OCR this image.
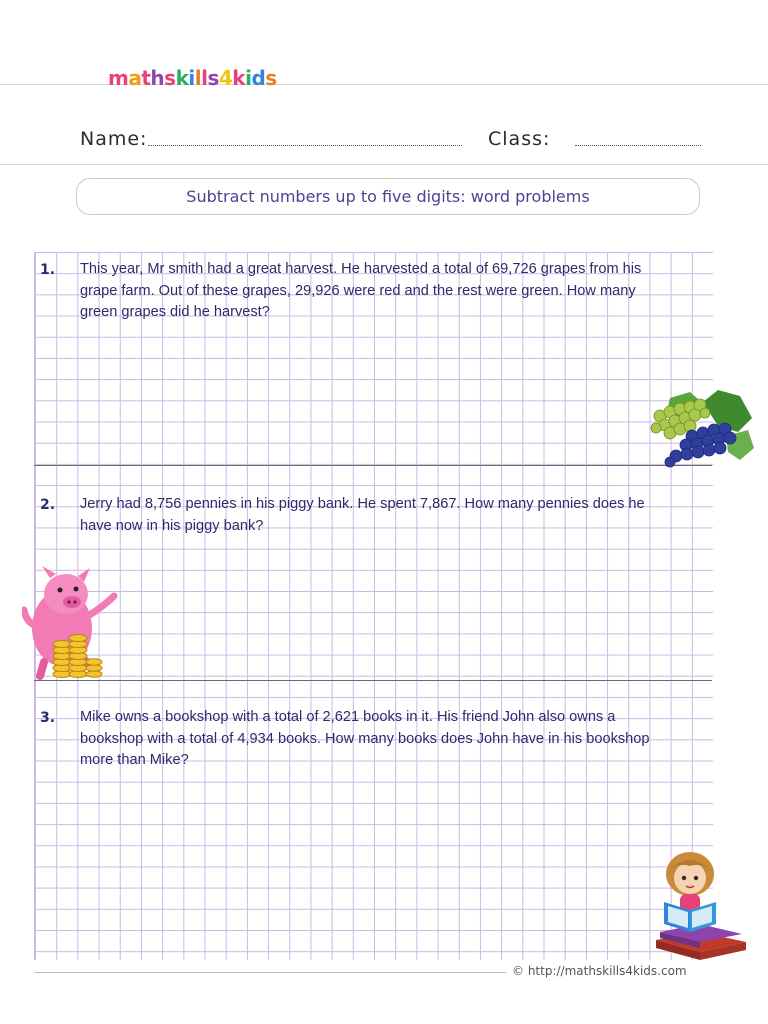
mathskills4kids
Name:	Class:
Subtract numbers up to five digits: word problems
1. This year, Mr smith had a great harvest. He harvested a total of 69,726 grapes from his
grape farm. Out of these grapes, 29,926 were red and the rest were green. How many
green grapes did he harvest?
2. Jerry had 8,756 pennies in his piggy bank. He spent 7,867. How many pennies does he
have now in his piggy bank?
3. Mike owns a bookshop with a total of 2,621 books in it. His friend John also owns a
bookshop with a total of 4,934 books. How many books does John have in his bookshop
more than Mike?
© http://mathskills4kids.com
